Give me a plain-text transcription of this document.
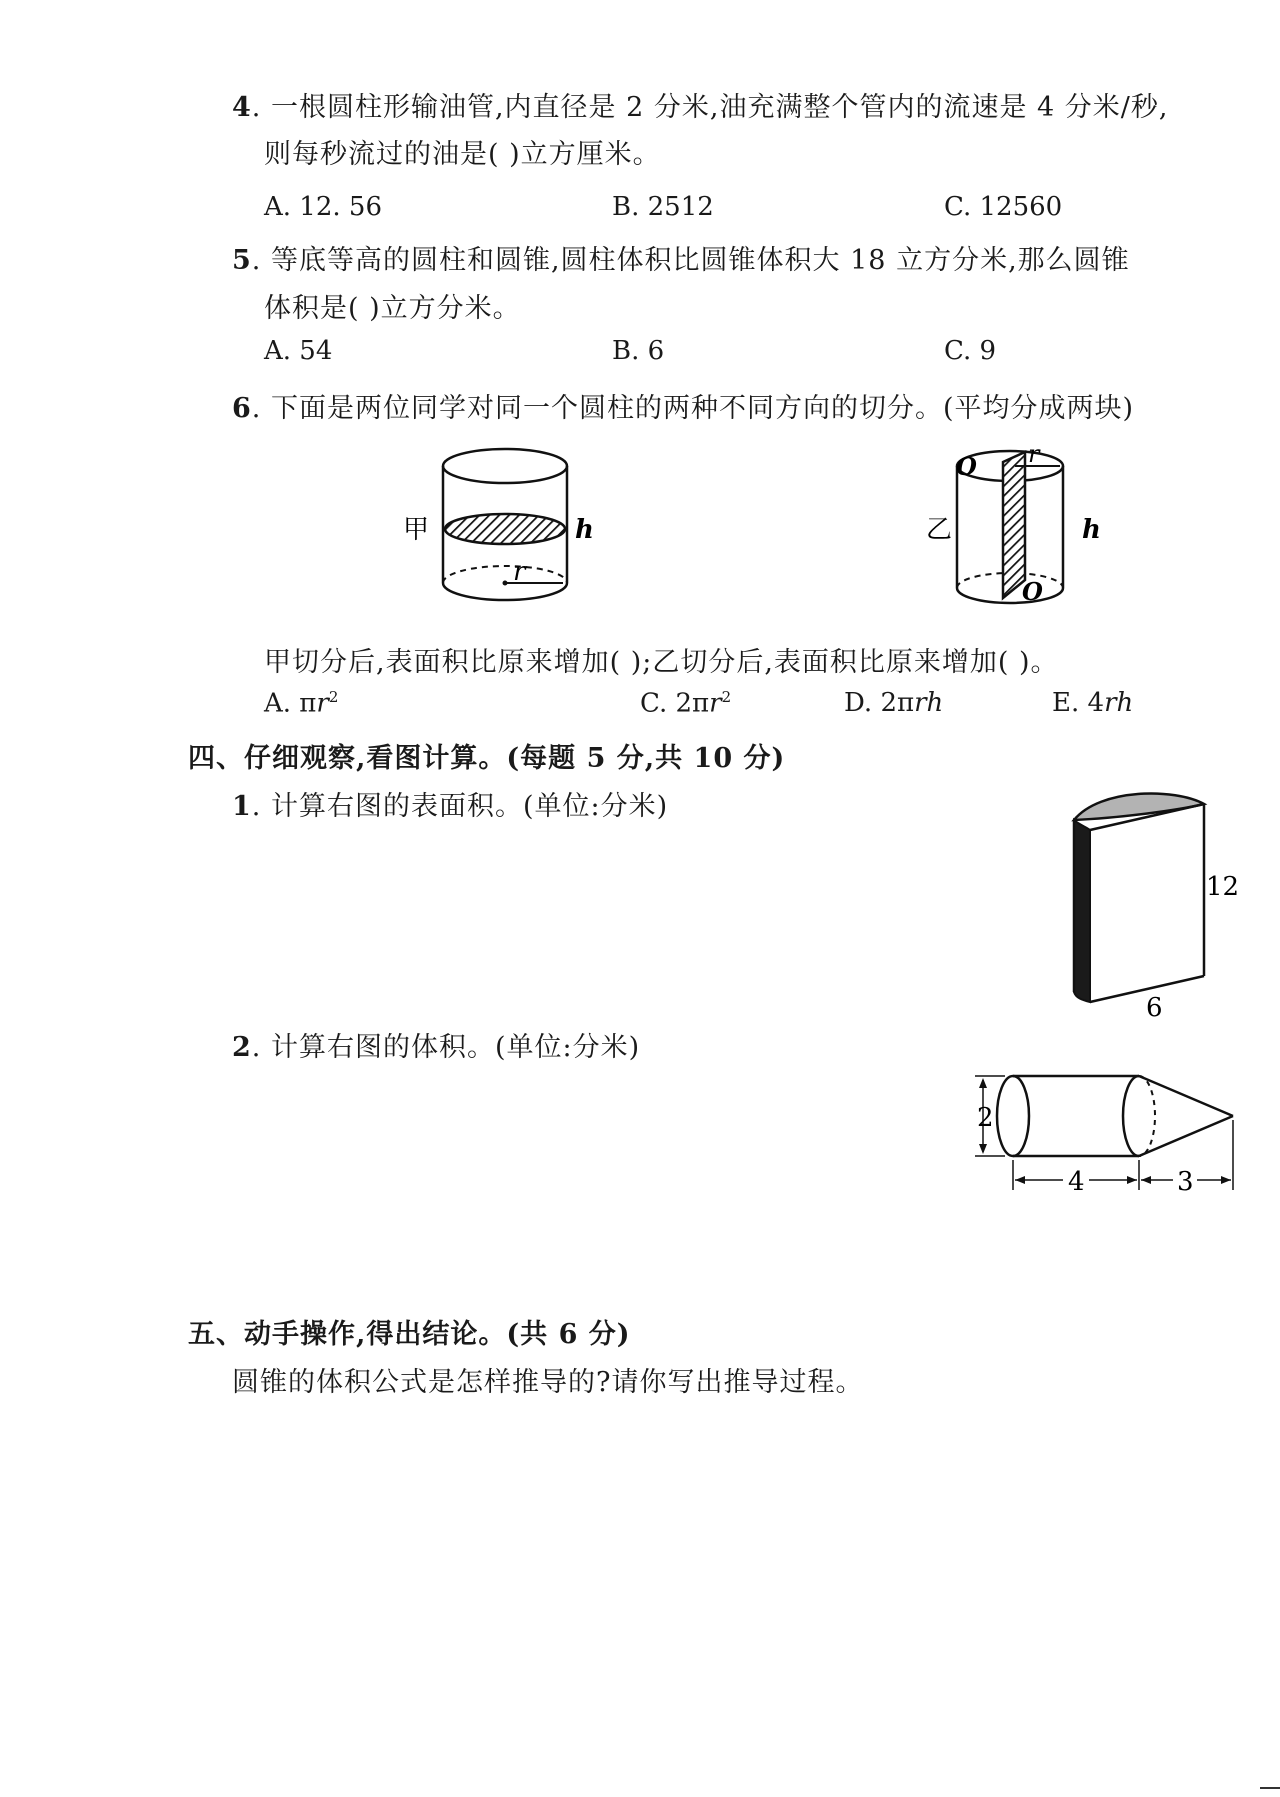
4. 一根圆柱形输油管,内直径是 2 分米,油充满整个管内的流速是 4 分米/秒,
则每秒流过的油是( )立方厘米。
A. 12. 56	B. 2512	C. 12560
5. 等底等高的圆柱和圆锥,圆柱体积比圆锥体积大 18 立方分米,那么圆锥
体积是( )立方分米。
A. 54	B. 6	C. 9
6. 下面是两位同学对同一个圆柱的两种不同方向的切分。(平均分成两块)
甲	h
r
乙	h
r
O
O
甲切分后,表面积比原来增加( );乙切分后,表面积比原来增加( )。
A. $\pi r^2$	C. $2\pi r^2$	D. 2πrh	E. 4rh
四、仔细观察,看图计算。(每题 5 分,共 10 分)
1. 计算右图的表面积。(单位:分米)
12
6
2. 计算右图的体积。(单位:分米)
2
4	3
五、动手操作,得出结论。(共 6 分)
圆锥的体积公式是怎样推导的?请你写出推导过程。
